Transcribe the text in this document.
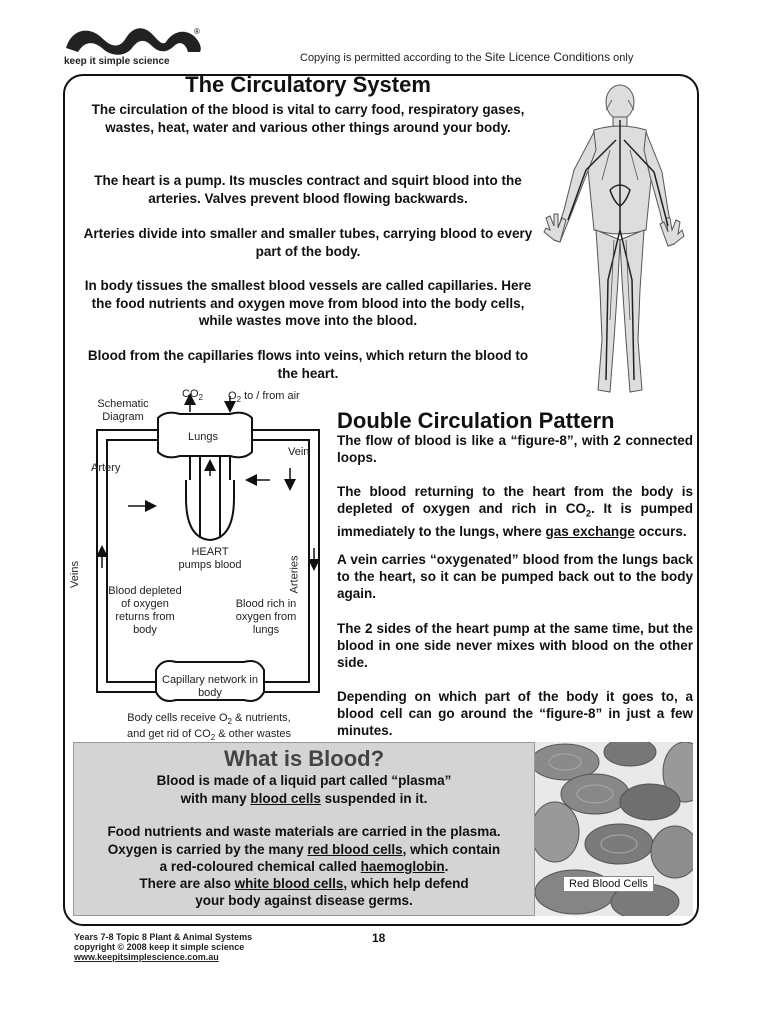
®
keep it simple science	Copying is permitted according to the Site Licence Conditions only
The Circulatory System

The circulation of the blood is vital to carry food, respiratory gases, wastes, heat, water and various other things around your body.

The heart is a pump. Its muscles contract and squirt blood into the arteries. Valves prevent blood flowing backwards.

Arteries divide into smaller and smaller tubes, carrying blood to every part of the body.

In body tissues the smallest blood vessels are called capillaries. Here the food nutrients and oxygen move from blood into the body cells, while wastes move into the blood.

Blood from the capillaries flows into veins, which return the blood to the heart.

Schematic Diagram
$CO_2$ $O_2$ to / from air
Lungs
Vein
Artery
HEART
pumps blood
Veins	Arteries
Blood depleted of oxygen returns from body
Blood rich in oxygen from lungs
Capillary network in body
Body cells receive $O_2$ & nutrients,
and get rid of $CO_2$ & other wastes
Double Circulation Pattern

The flow of blood is like a “figure-8”, with 2 connected loops.

The blood returning to the heart from the body is depleted of oxygen and rich in $CO_2$. It is pumped immediately to the lungs, where gas exchange occurs.

A vein carries “oxygenated” blood from the lungs back to the heart, so it can be pumped back out to the body again.

The 2 sides of the heart pump at the same time, but the blood in one side never mixes with blood on the other side.

Depending on which part of the body it goes to, a blood cell can go around the “figure-8” in just a few minutes.

What is Blood?

Blood is made of a liquid part called “plasma”

with many blood cells suspended in it.

Food nutrients and waste materials are carried in the plasma.

Oxygen is carried by the many red blood cells, which contain

a red-coloured chemical called haemoglobin.

There are also white blood cells, which help defend

your body against disease germs.

Red Blood Cells
Years 7-8 Topic 8 Plant & Animal Systems
copyright © 2008 keep it simple science
www.keepitsimplescience.com.au
18
